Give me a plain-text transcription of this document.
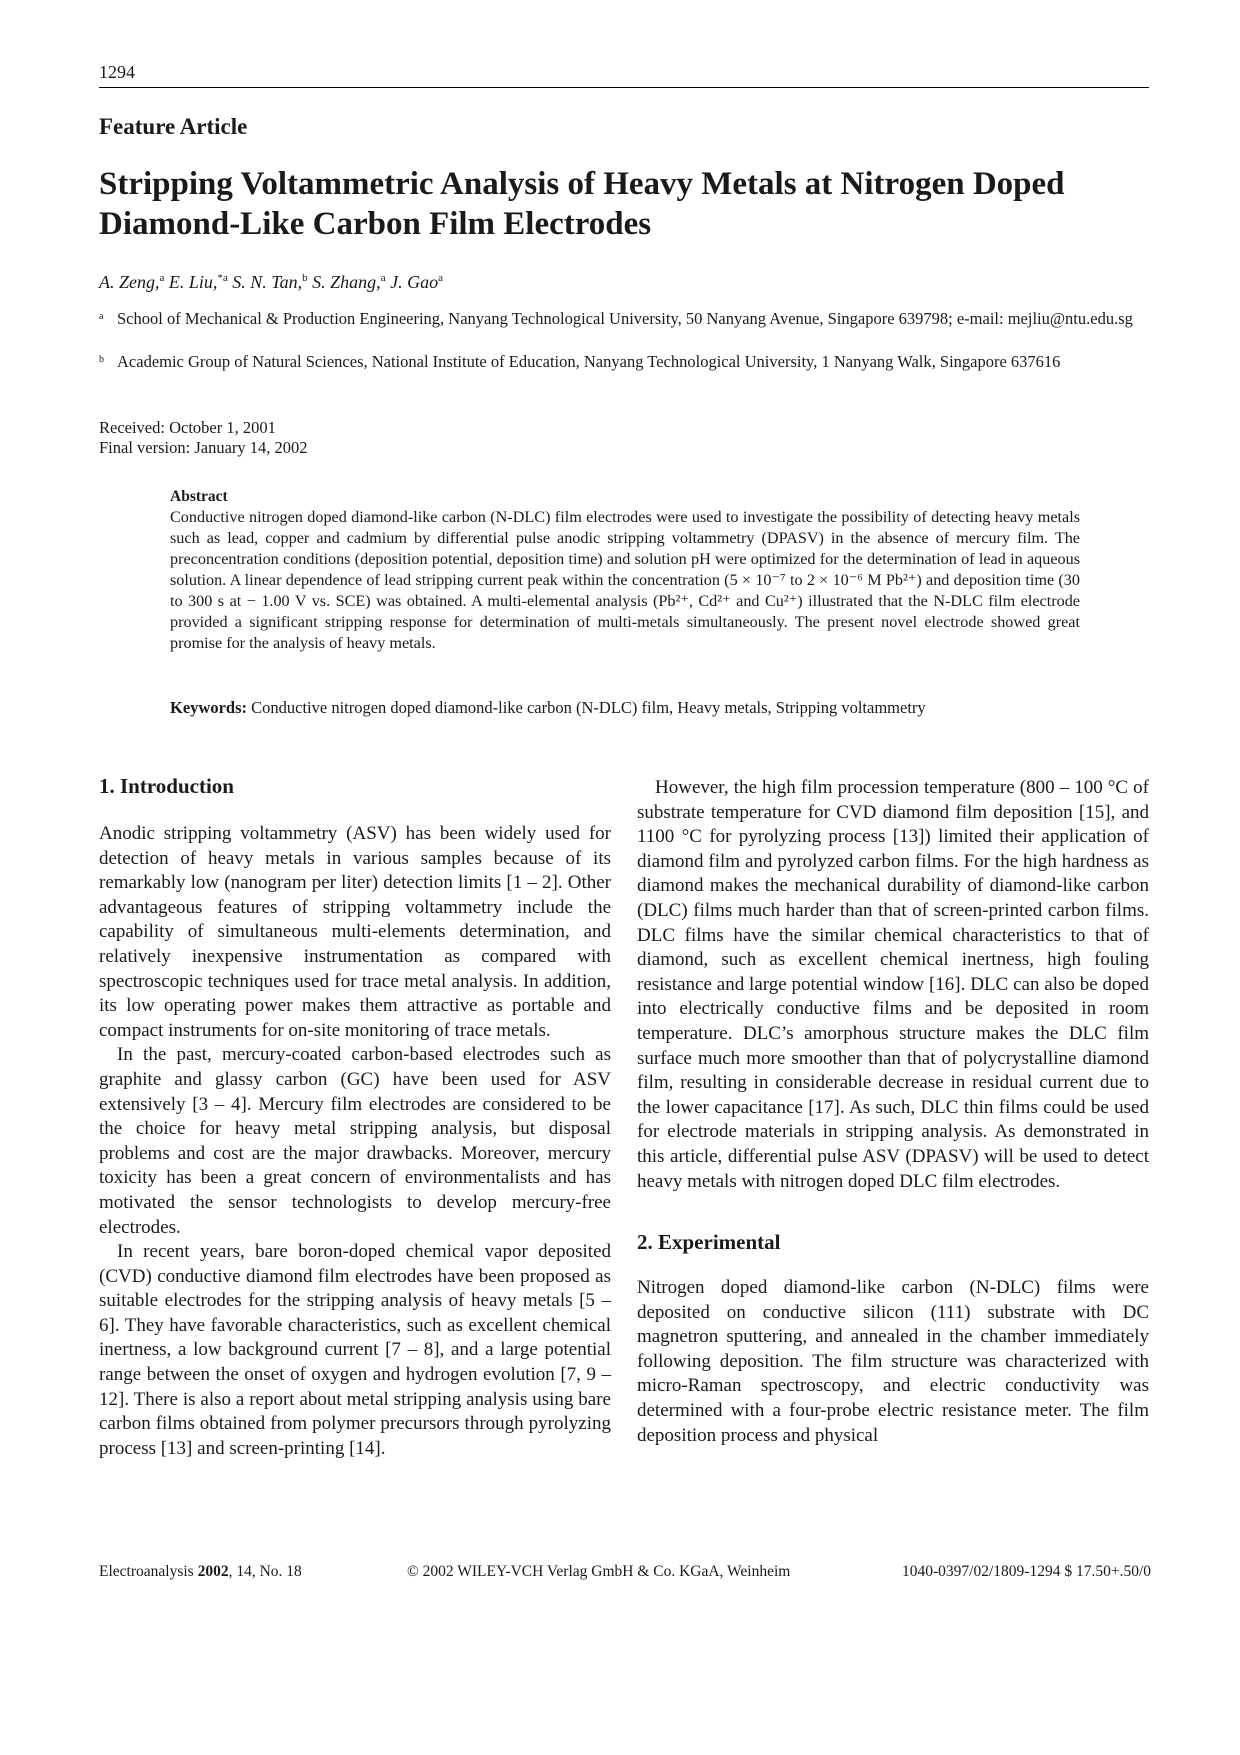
1294
Feature Article
Stripping Voltammetric Analysis of Heavy Metals at Nitrogen Doped Diamond-Like Carbon Film Electrodes
A. Zeng,$^a$ E. Liu,$^{*a}$ S. N. Tan,$^b$ S. Zhang,$^a$ J. Gao$^a$
a School of Mechanical & Production Engineering, Nanyang Technological University, 50 Nanyang Avenue, Singapore 639798; e-mail: mejliu@ntu.edu.sg
b Academic Group of Natural Sciences, National Institute of Education, Nanyang Technological University, 1 Nanyang Walk, Singapore 637616
Received: October 1, 2001
Final version: January 14, 2002
Abstract
Conductive nitrogen doped diamond-like carbon (N-DLC) film electrodes were used to investigate the possibility of detecting heavy metals such as lead, copper and cadmium by differential pulse anodic stripping voltammetry (DPASV) in the absence of mercury film. The preconcentration conditions (deposition potential, deposition time) and solution pH were optimized for the determination of lead in aqueous solution. A linear dependence of lead stripping current peak within the concentration (5 × 10⁻⁷ to 2 × 10⁻⁶ M Pb²⁺) and deposition time (30 to 300 s at − 1.00 V vs. SCE) was obtained. A multi-elemental analysis (Pb²⁺, Cd²⁺ and Cu²⁺) illustrated that the N-DLC film electrode provided a significant stripping response for determination of multi-metals simultaneously. The present novel electrode showed great promise for the analysis of heavy metals.
Keywords: Conductive nitrogen doped diamond-like carbon (N-DLC) film, Heavy metals, Stripping voltammetry
1. Introduction

Anodic stripping voltammetry (ASV) has been widely used for detection of heavy metals in various samples because of its remarkably low (nanogram per liter) detection limits [1 – 2]. Other advantageous features of stripping voltammetry include the capability of simultaneous multi-elements determination, and relatively inexpensive instrumentation as compared with spectroscopic techniques used for trace metal analysis. In addition, its low operating power makes them attractive as portable and compact instruments for on-site monitoring of trace metals.

In the past, mercury-coated carbon-based electrodes such as graphite and glassy carbon (GC) have been used for ASV extensively [3 – 4]. Mercury film electrodes are considered to be the choice for heavy metal stripping analysis, but disposal problems and cost are the major drawbacks. Moreover, mercury toxicity has been a great concern of environmentalists and has motivated the sensor technologists to develop mercury-free electrodes.

In recent years, bare boron-doped chemical vapor deposited (CVD) conductive diamond film electrodes have been proposed as suitable electrodes for the stripping analysis of heavy metals [5 – 6]. They have favorable characteristics, such as excellent chemical inertness, a low background current [7 – 8], and a large potential range between the onset of oxygen and hydrogen evolution [7, 9 – 12]. There is also a report about metal stripping analysis using bare carbon films obtained from polymer precursors through pyrolyzing process [13] and screen-printing [14].

However, the high film procession temperature (800 – 100 °C of substrate temperature for CVD diamond film deposition [15], and 1100 °C for pyrolyzing process [13]) limited their application of diamond film and pyrolyzed carbon films. For the high hardness as diamond makes the mechanical durability of diamond-like carbon (DLC) films much harder than that of screen-printed carbon films. DLC films have the similar chemical characteristics to that of diamond, such as excellent chemical inertness, high fouling resistance and large potential window [16]. DLC can also be doped into electrically conductive films and be deposited in room temperature. DLC’s amorphous structure makes the DLC film surface much more smoother than that of polycrystalline diamond film, resulting in considerable decrease in residual current due to the lower capacitance [17]. As such, DLC thin films could be used for electrode materials in stripping analysis. As demonstrated in this article, differential pulse ASV (DPASV) will be used to detect heavy metals with nitrogen doped DLC film electrodes.

2. Experimental

Nitrogen doped diamond-like carbon (N-DLC) films were deposited on conductive silicon (111) substrate with DC magnetron sputtering, and annealed in the chamber immediately following deposition. The film structure was characterized with micro-Raman spectroscopy, and electric conductivity was determined with a four-probe electric resistance meter. The film deposition process and physical

Electroanalysis 2002, 14, No. 18	© 2002 WILEY-VCH Verlag GmbH & Co. KGaA, Weinheim	1040-0397/02/1809-1294 $ 17.50+.50/0
